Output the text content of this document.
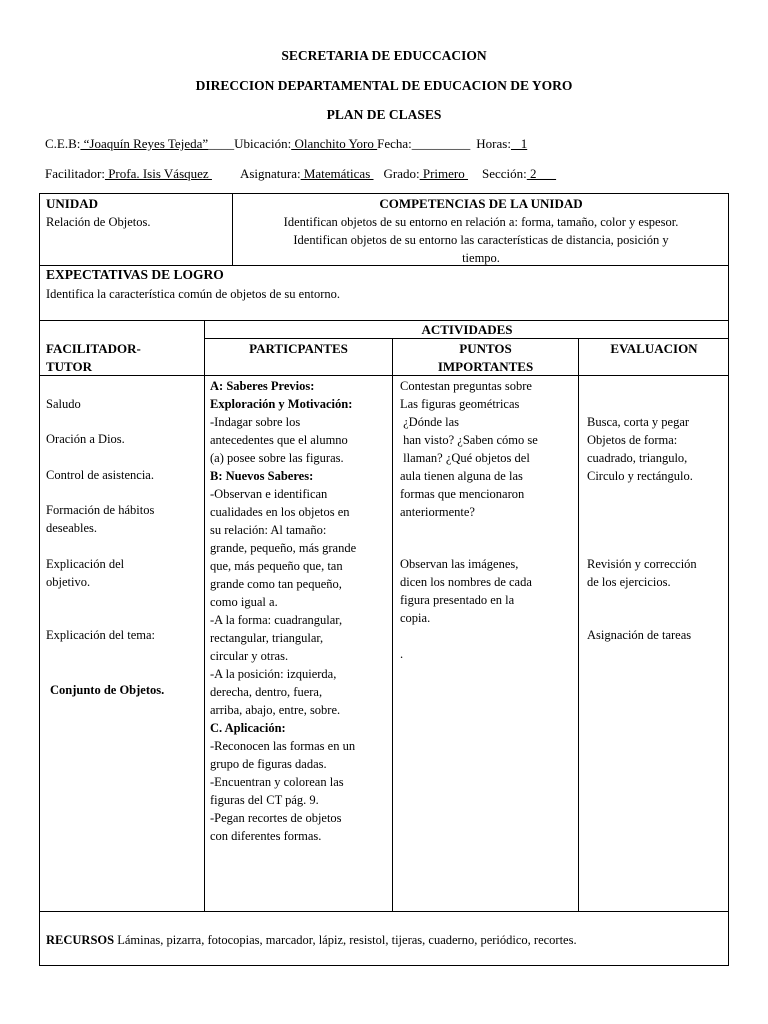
SECRETARIA DE EDUCCACION
DIRECCION DEPARTAMENTAL DE EDUCACION DE YORO
PLAN DE CLASES
C.E.B: “Joaquín Reyes Tejeda”____Ubicación: Olanchito Yoro Fecha:_________ Horas:   1
Facilitador: Profa. Isis Vásquez Asignatura: Matemáticas Grado: Primero Sección: 2___
UNIDAD
Relación de Objetos.
COMPETENCIAS DE LA UNIDAD
Identifican objetos de su entorno en relación a: forma, tamaño, color y espesor.
Identifican objetos de su entorno las características de distancia, posición y
tiempo.
EXPECTATIVAS DE LOGRO
Identifica la característica común de objetos de su entorno.
ACTIVIDADES
FACILITADOR-
TUTOR
PARTICPANTES	PUNTOS
IMPORTANTES
EVALUACION
Saludo
Oración a Dios.
Control de asistencia.
Formación de hábitos
deseables.
Explicación del
objetivo.
Explicación del tema:
Conjunto de Objetos.
A: Saberes Previos:
Exploración y Motivación:
-Indagar sobre los
antecedentes que el alumno
(a) posee sobre las figuras.
B: Nuevos Saberes:
-Observan e identifican
cualidades en los objetos en
su relación: Al tamaño:
grande, pequeño, más grande
que, más pequeño que, tan
grande como tan pequeño,
como igual a.
-A la forma: cuadrangular,
rectangular, triangular,
circular y otras.
-A la posición: izquierda,
derecha, dentro, fuera,
arriba, abajo, entre, sobre.
C. Aplicación:
-Reconocen las formas en un
grupo de figuras dadas.
-Encuentran y colorean las
figuras del CT pág. 9.
-Pegan recortes de objetos
con diferentes formas.
Contestan preguntas sobre
Las figuras geométricas
¿Dónde las
han visto? ¿Saben cómo se
llaman? ¿Qué objetos del
aula tienen alguna de las
formas que mencionaron
anteriormente?
Observan las imágenes,
dicen los nombres de cada
figura presentado en la
copia.
.
Busca, corta y pegar
Objetos de forma:
cuadrado, triangulo,
Circulo y rectángulo.
Revisión y corrección
de los ejercicios.
Asignación de tareas
RECURSOS Láminas, pizarra, fotocopias, marcador, lápiz, resistol, tijeras, cuaderno, periódico, recortes.
